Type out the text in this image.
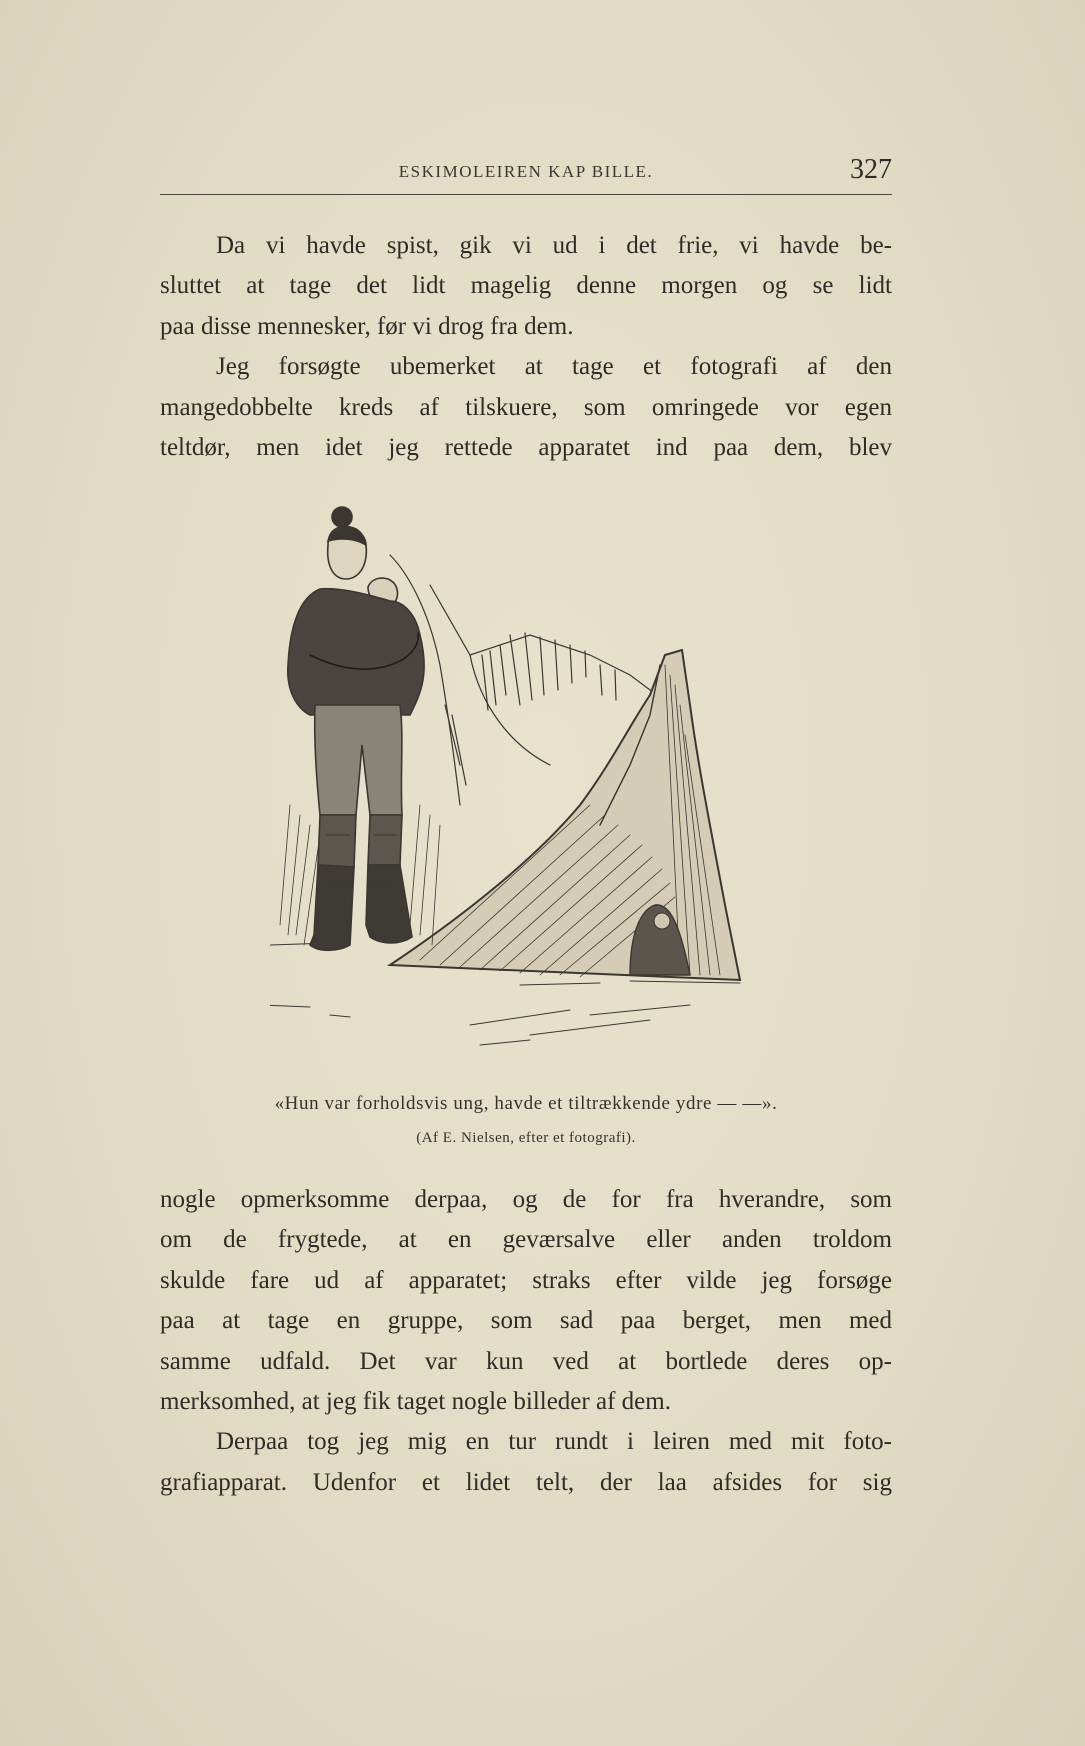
ESKIMOLEIREN KAP BILLE.	327
Da vi havde spist, gik vi ud i det frie, vi havde be-
sluttet at tage det lidt magelig denne morgen og se lidt
paa disse mennesker, før vi drog fra dem.
Jeg forsøgte ubemerket at tage et fotografi af den
mangedobbelte kreds af tilskuere, som omringede vor egen
teltdør, men idet jeg rettede apparatet ind paa dem, blev
«Hun var forholdsvis ung, havde et tiltrækkende ydre — —».
(Af E. Nielsen, efter et fotografi).
nogle opmerksomme derpaa, og de for fra hverandre, som
om de frygtede, at en geværsalve eller anden troldom
skulde fare ud af apparatet; straks efter vilde jeg forsøge
paa at tage en gruppe, som sad paa berget, men med
samme udfald. Det var kun ved at bortlede deres op-
merksomhed, at jeg fik taget nogle billeder af dem.
Derpaa tog jeg mig en tur rundt i leiren med mit foto-
grafiapparat. Udenfor et lidet telt, der laa afsides for sig
